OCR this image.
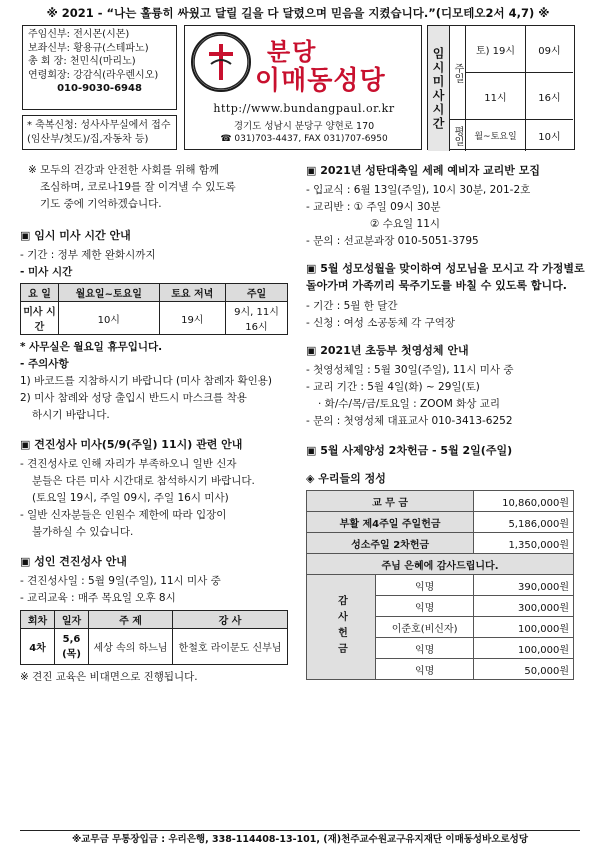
※ 2021 - “나는 훌륭히 싸웠고 달릴 길을 다 달렸으며 믿음을 지켰습니다.”(디모테오2서 4,7) ※
주임신부: 전시몬(시몬)
보좌신부: 황용규(스테파노)
총 회 장: 천민식(마리노)
연령회장: 강감식(라우렌시오)
010-9030-6948
* 축복신청: 성사사무실에서 접수 (임산부/첫도)/집,자동차 등)
분당
이매동성당
http://www.bundangpaul.or.kr
경기도 성남시 분당구 양현로 170
☎ 031)703-4437, FAX 031)707-6950
임시미사시간 주일
평일
토) 19시	09시
11시	16시
월~토요일	10시
※ 모두의 건강과 안전한 사회를 위해 함께
조심하며, 코로나19를 잘 이겨낼 수 있도록
기도 중에 기억하겠습니다.
▣ 임시 미사 시간 안내
- 기간 : 정부 제한 완화시까지
- 미사 시간
요 일	월요일~토요일	토요 저녁	주일
미사 시간	10시	19시	9시, 11시 16시
* 사무실은 월요일 휴무입니다.
- 주의사항
1) 바코드를 지참하시기 바랍니다 (미사 참례자 확인용)
2) 미사 참례와 성당 출입시 반드시 마스크를 착용
하시기 바랍니다.
▣ 견진성사 미사(5/9(주일) 11시) 관련 안내
- 견진성사로 인해 자리가 부족하오니 일반 신자
분들은 다른 미사 시간대로 참석하시기 바랍니다.
(토요일 19시, 주일 09시, 주일 16시 미사)
- 일반 신자분들은 인원수 제한에 따라 입장이
불가하실 수 있습니다.
▣ 성인 견진성사 안내
- 견진성사일 : 5월 9일(주일), 11시 미사 중
- 교리교육 : 매주 목요일 오후 8시
회차	일자	주 제	강 사
4차	5,6 (목)	세상 속의 하느님	한철호 라이문도 신부님
※ 견진 교육은 비대면으로 진행됩니다.
▣ 2021년 성탄대축일 세례 예비자 교리반 모집
- 입교식 : 6월 13일(주일), 10시 30분, 201-2호
- 교리반 : ① 주일 09시 30분
② 수요일 11시
- 문의 : 선교분과장 010-5051-3795
▣ 5월 성모성월을 맞이하여 성모님을 모시고 각 가정별로 돌아가며 가족끼리 묵주기도를 바칠 수 있도록 합니다.
- 기간 : 5월 한 달간
- 신청 : 여성 소공동체 각 구역장
▣ 2021년 초등부 첫영성체 안내
- 첫영성체일 : 5월 30일(주일), 11시 미사 중
- 교리 기간 : 5월 4일(화) ~ 29일(토)
· 화/수/목/금/토요일 : ZOOM 화상 교리
- 문의 : 첫영성체 대표교사 010-3413-6252
▣ 5월 사제양성 2차헌금 - 5월 2일(주일)
◈ 우리들의 정성
교 무 금		10,860,000원
부활 제4주일 주일헌금		5,186,000원
성소주일 2차헌금		1,350,000원
주님 은혜에 감사드립니다.		
감사헌금	익명	390,000원
	익명	300,000원
	이준호(비신자)	100,000원
	익명	100,000원
	익명	50,000원
※교무금 무통장입금 : 우리은행, 338-114408-13-101, (재)천주교수원교구유지재단 이매동성바오로성당
